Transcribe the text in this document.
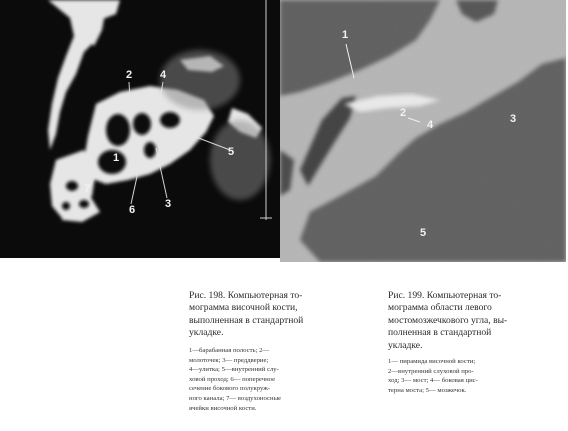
2	4
5
1
3
6
7
1
2	3
4
5
Рис. 198. Компьютерная то-
мограмма височной кости,
выполненная в стандартной
укладке.
1—барабанная полость; 2—
молоточек; 3— преддверие;
4—улитка; 5—внутренний слу-
ховой проход; 6— поперечное
сечение бокового полукруж-
ного канала; 7— воздухоносные
ячейки височной кости.
Рис. 199. Компьютерная то-
мограмма области левого
мостомозжечкового угла, вы-
полненная в стандартной
укладке.
1— пирамида височной кости;
2—внутренний слуховой про-
ход; 3— мост; 4— боковая цис-
терна моста; 5— мозжечок.
